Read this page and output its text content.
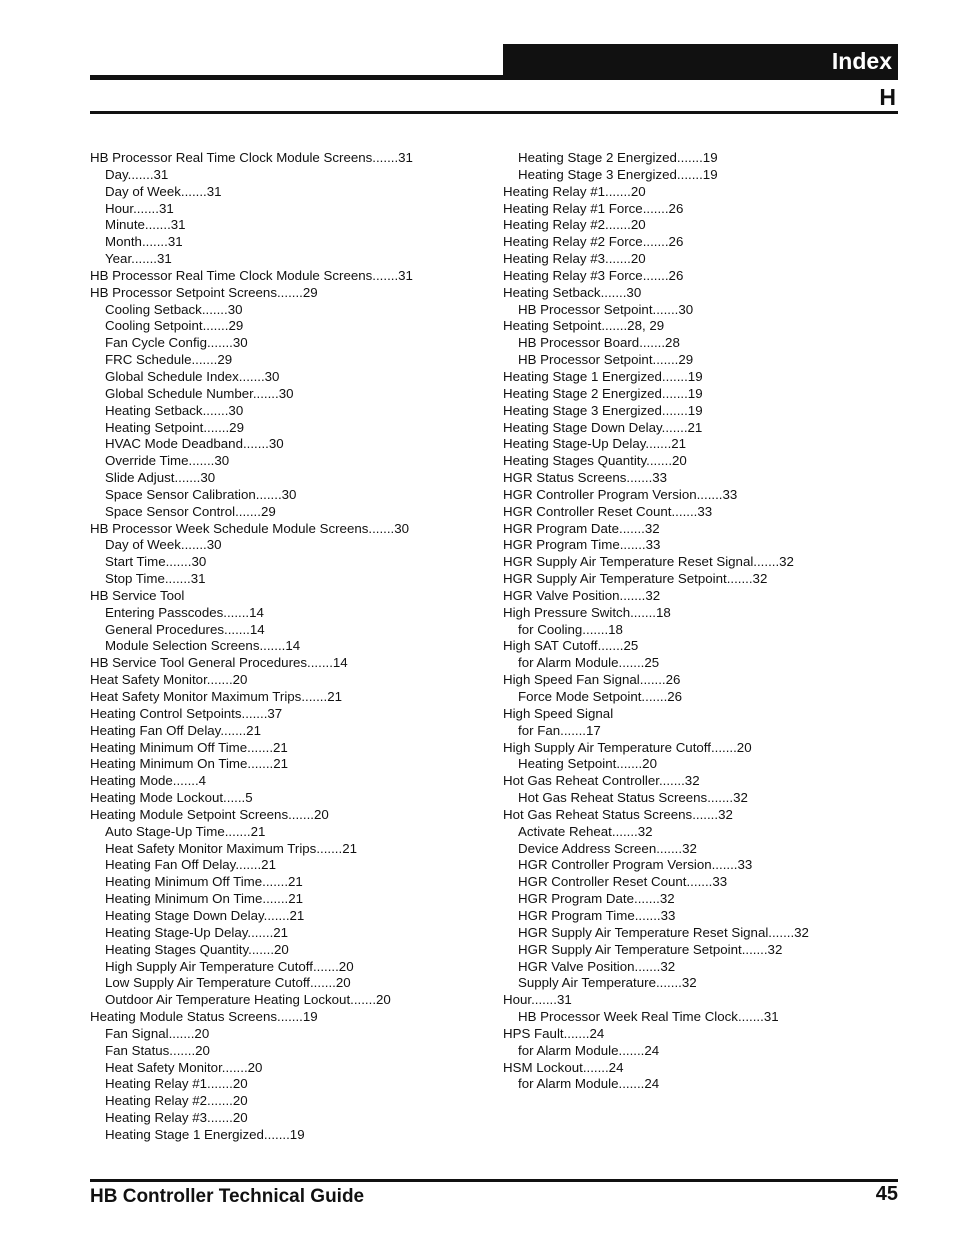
Index
H
HB Processor Real Time Clock Module Screens.......31
Day.......31
Day of Week.......31
Hour.......31
Minute.......31
Month.......31
Year.......31
HB Processor Real Time Clock Module Screens.......31
HB Processor Setpoint Screens.......29
Cooling Setback.......30
Cooling Setpoint.......29
Fan Cycle Config.......30
FRC Schedule.......29
Global Schedule Index.......30
Global Schedule Number.......30
Heating Setback.......30
Heating Setpoint.......29
HVAC Mode Deadband.......30
Override Time.......30
Slide Adjust.......30
Space Sensor Calibration.......30
Space Sensor Control.......29
HB Processor Week Schedule Module Screens.......30
Day of Week.......30
Start Time.......30
Stop Time.......31
HB Service Tool
Entering Passcodes.......14
General Procedures.......14
Module Selection Screens.......14
HB Service Tool General Procedures.......14
Heat Safety Monitor.......20
Heat Safety Monitor Maximum Trips.......21
Heating Control Setpoints.......37
Heating Fan Off Delay.......21
Heating Minimum Off Time.......21
Heating Minimum On Time.......21
Heating Mode.......4
Heating Mode Lockout......5
Heating Module Setpoint Screens.......20
Auto Stage-Up Time.......21
Heat Safety Monitor Maximum Trips.......21
Heating Fan Off Delay.......21
Heating Minimum Off Time.......21
Heating Minimum On Time.......21
Heating Stage Down Delay.......21
Heating Stage-Up Delay.......21
Heating Stages Quantity.......20
High Supply Air Temperature Cutoff.......20
Low Supply Air Temperature Cutoff.......20
Outdoor Air Temperature Heating Lockout.......20
Heating Module Status Screens.......19
Fan Signal.......20
Fan Status.......20
Heat Safety Monitor.......20
Heating Relay #1.......20
Heating Relay #2.......20
Heating Relay #3.......20
Heating Stage 1 Energized.......19
Heating Stage 2 Energized.......19
Heating Stage 3 Energized.......19
Heating Relay #1.......20
Heating Relay #1 Force.......26
Heating Relay #2.......20
Heating Relay #2 Force.......26
Heating Relay #3.......20
Heating Relay #3 Force.......26
Heating Setback.......30
HB Processor Setpoint.......30
Heating Setpoint.......28, 29
HB Processor Board.......28
HB Processor Setpoint.......29
Heating Stage 1 Energized.......19
Heating Stage 2 Energized.......19
Heating Stage 3 Energized.......19
Heating Stage Down Delay.......21
Heating Stage-Up Delay.......21
Heating Stages Quantity.......20
HGR Status Screens.......33
HGR Controller Program Version.......33
HGR Controller Reset Count.......33
HGR Program Date.......32
HGR Program Time.......33
HGR Supply Air Temperature Reset Signal.......32
HGR Supply Air Temperature Setpoint.......32
HGR Valve Position.......32
High Pressure Switch.......18
for Cooling.......18
High SAT Cutoff.......25
for Alarm Module.......25
High Speed Fan Signal.......26
Force Mode Setpoint.......26
High Speed Signal
for Fan.......17
High Supply Air Temperature Cutoff.......20
Heating Setpoint.......20
Hot Gas Reheat Controller.......32
Hot Gas Reheat Status Screens.......32
Hot Gas Reheat Status Screens.......32
Activate Reheat.......32
Device Address Screen.......32
HGR Controller Program Version.......33
HGR Controller Reset Count.......33
HGR Program Date.......32
HGR Program Time.......33
HGR Supply Air Temperature Reset Signal.......32
HGR Supply Air Temperature Setpoint.......32
HGR Valve Position.......32
Supply Air Temperature.......32
Hour.......31
HB Processor Week Real Time Clock.......31
HPS Fault.......24
for Alarm Module.......24
HSM Lockout.......24
for Alarm Module.......24
HB Controller Technical Guide	45
